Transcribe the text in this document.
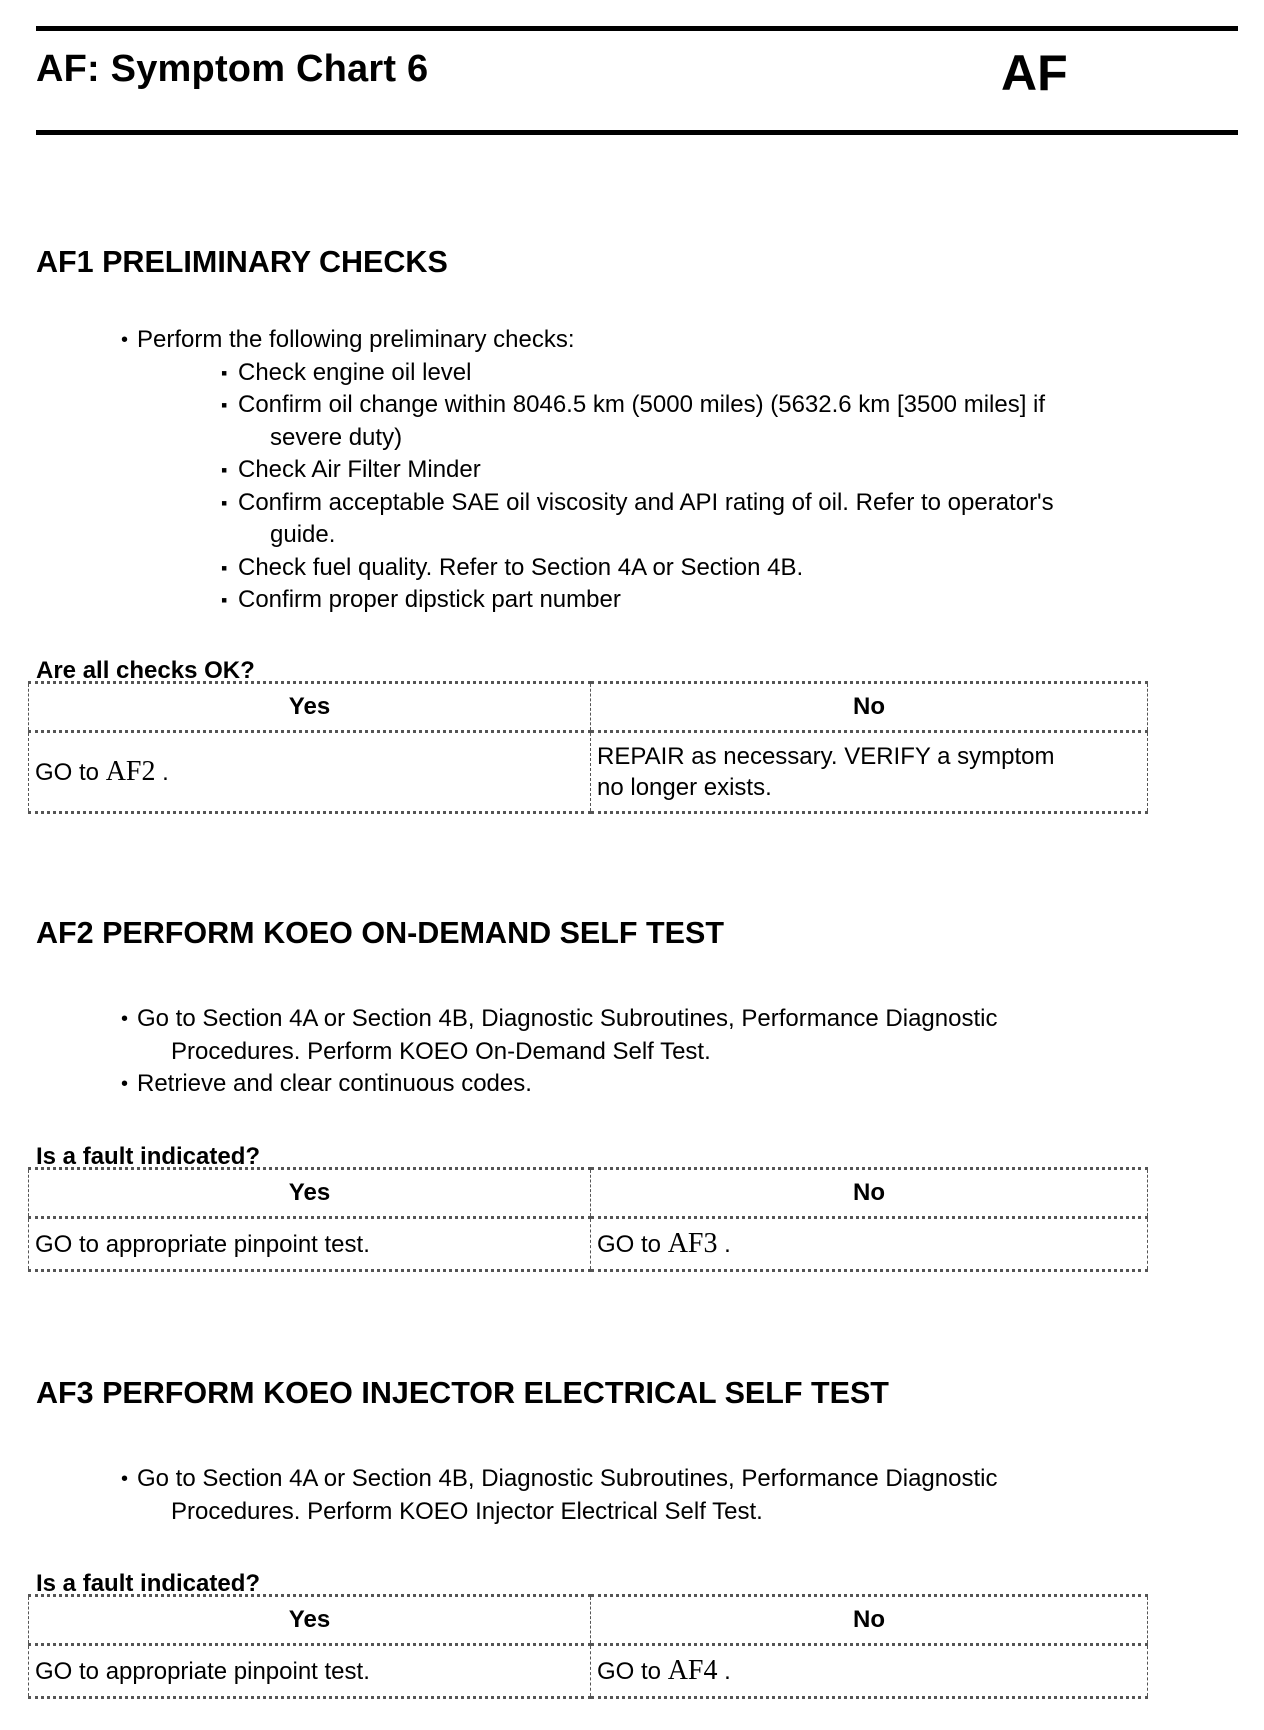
AF: Symptom Chart 6	AF
AF1 PRELIMINARY CHECKS
• Perform the following preliminary checks:
▪ Check engine oil level
▪ Confirm oil change within 8046.5 km (5000 miles) (5632.6 km [3500 miles] if
severe duty)
▪ Check Air Filter Minder
▪ Confirm acceptable SAE oil viscosity and API rating of oil. Refer to operator's
guide.
▪ Check fuel quality. Refer to Section 4A or Section 4B.
▪ Confirm proper dipstick part number
Are all checks OK?
Yes	No
GO to AF2 .	REPAIR as necessary. VERIFY a symptom
no longer exists.
AF2 PERFORM KOEO ON-DEMAND SELF TEST
• Go to Section 4A or Section 4B, Diagnostic Subroutines, Performance Diagnostic
Procedures. Perform KOEO On-Demand Self Test.
• Retrieve and clear continuous codes.
Is a fault indicated?
Yes	No
GO to appropriate pinpoint test.	GO to AF3 .
AF3 PERFORM KOEO INJECTOR ELECTRICAL SELF TEST
• Go to Section 4A or Section 4B, Diagnostic Subroutines, Performance Diagnostic
Procedures. Perform KOEO Injector Electrical Self Test.
Is a fault indicated?
Yes	No
GO to appropriate pinpoint test.	GO to AF4 .
